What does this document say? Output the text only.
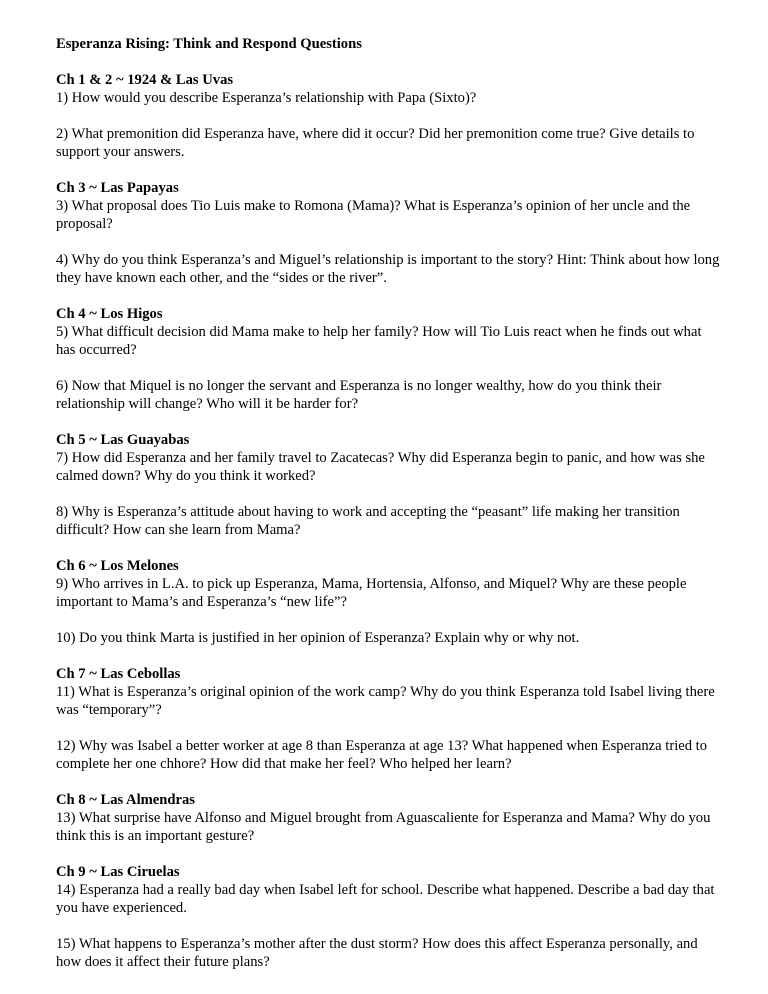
Esperanza Rising: Think and Respond Questions

Ch 1 & 2 ~ 1924 & Las Uvas

1) How would you describe Esperanza’s relationship with Papa (Sixto)?

2) What premonition did Esperanza have, where did it occur? Did her premonition come true? Give details to support your answers.

Ch 3 ~ Las Papayas

3) What proposal does Tio Luis make to Romona (Mama)? What is Esperanza’s opinion of her uncle and the proposal?

4) Why do you think Esperanza’s and Miguel’s relationship is important to the story? Hint: Think about how long they have known each other, and the “sides or the river”.

Ch 4 ~ Los Higos

5) What difficult decision did Mama make to help her family? How will Tio Luis react when he finds out what has occurred?

6) Now that Miquel is no longer the servant and Esperanza is no longer wealthy, how do you think their relationship will change? Who will it be harder for?

Ch 5 ~ Las Guayabas

7) How did Esperanza and her family travel to Zacatecas? Why did Esperanza begin to panic, and how was she calmed down? Why do you think it worked?

8) Why is Esperanza’s attitude about having to work and accepting the “peasant” life making her transition difficult? How can she learn from Mama?

Ch 6 ~ Los Melones

9) Who arrives in L.A. to pick up Esperanza, Mama, Hortensia, Alfonso, and Miquel? Why are these people important to Mama’s and Esperanza’s “new life”?

10) Do you think Marta is justified in her opinion of Esperanza? Explain why or why not.

Ch 7 ~ Las Cebollas

11) What is Esperanza’s original opinion of the work camp? Why do you think Esperanza told Isabel living there was “temporary”?

12) Why was Isabel a better worker at age 8 than Esperanza at age 13? What happened when Esperanza tried to complete her one chhore? How did that make her feel? Who helped her learn?

Ch 8 ~ Las Almendras

13) What surprise have Alfonso and Miguel brought from Aguascaliente for Esperanza and Mama? Why do you think this is an important gesture?

Ch 9 ~ Las Ciruelas

14) Esperanza had a really bad day when Isabel left for school. Describe what happened. Describe a bad day that you have experienced.

15) What happens to Esperanza’s mother after the dust storm? How does this affect Esperanza personally, and how does it affect their future plans?
